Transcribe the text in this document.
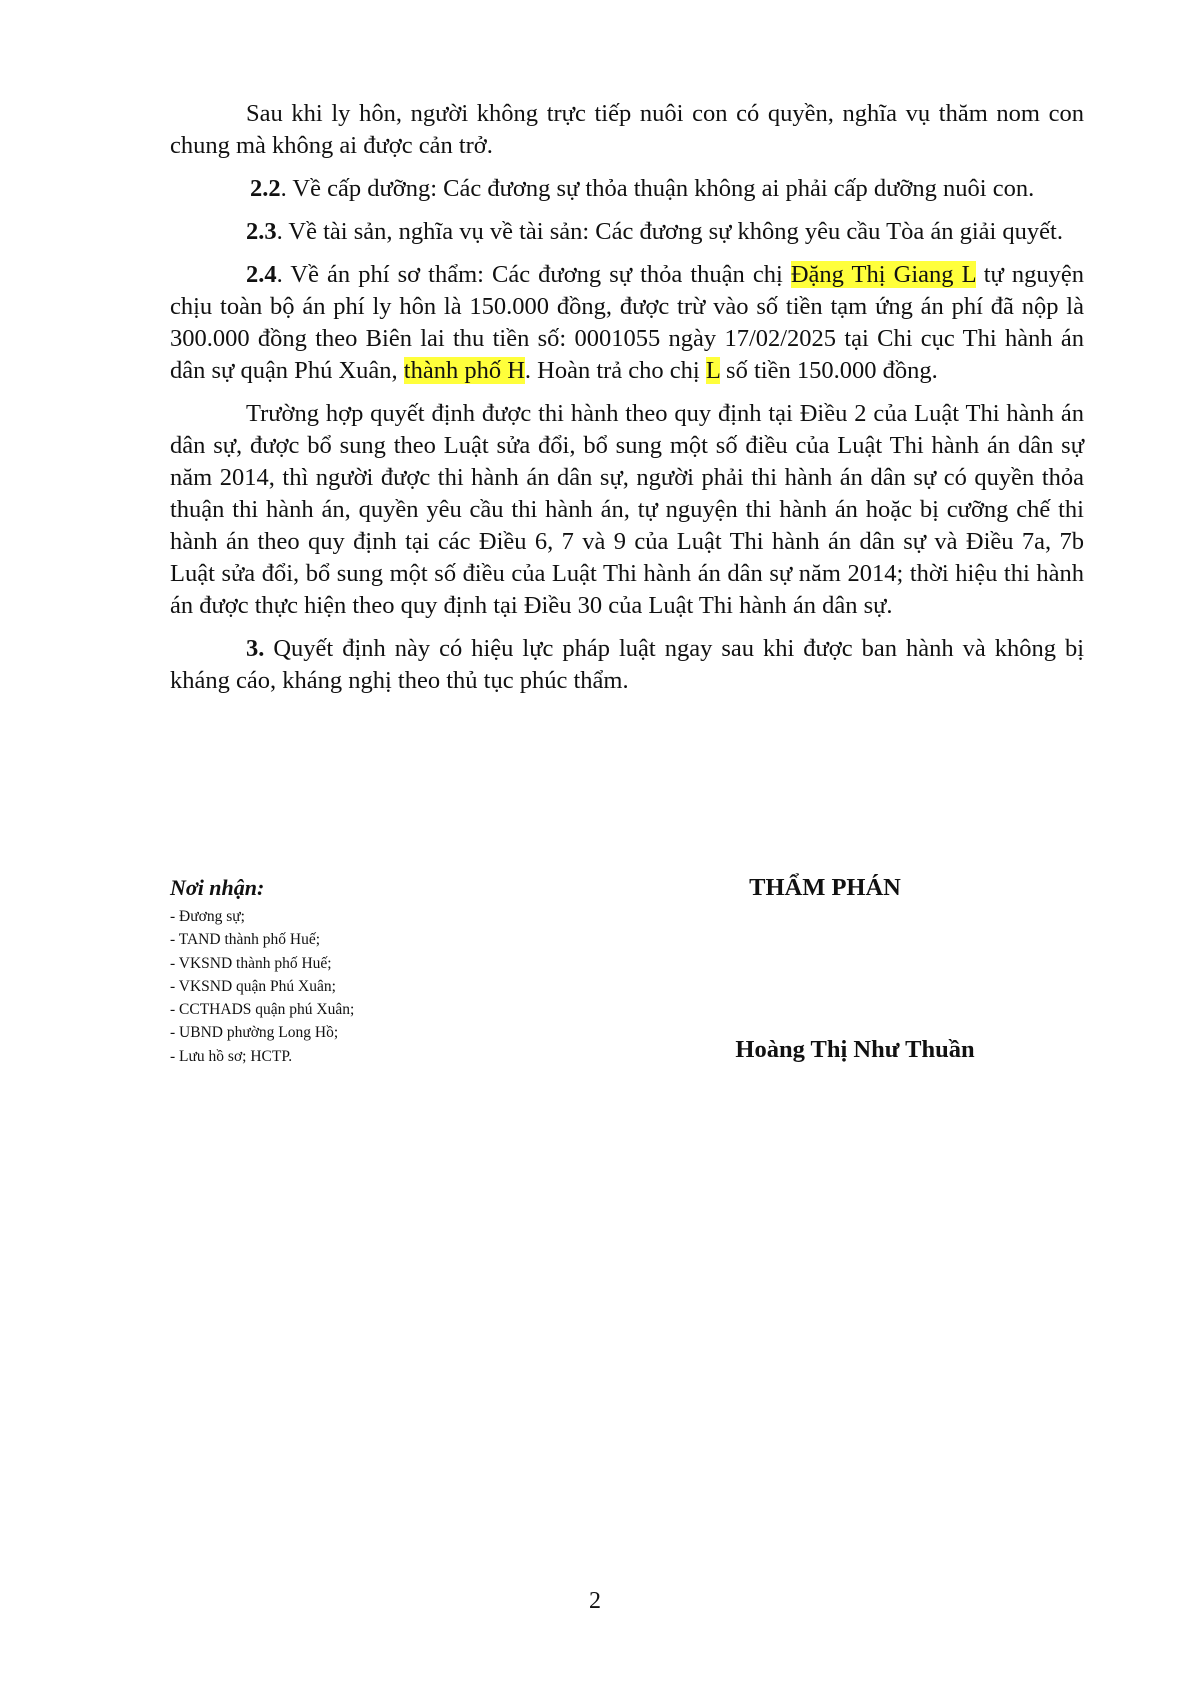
Sau khi ly hôn, người không trực tiếp nuôi con có quyền, nghĩa vụ thăm nom con chung mà không ai được cản trở.

2.2. Về cấp dưỡng: Các đương sự thỏa thuận không ai phải cấp dưỡng nuôi con.

2.3. Về tài sản, nghĩa vụ về tài sản: Các đương sự không yêu cầu Tòa án giải quyết.

2.4. Về án phí sơ thẩm: Các đương sự thỏa thuận chị Đặng Thị Giang L tự nguyện chịu toàn bộ án phí ly hôn là 150.000 đồng, được trừ vào số tiền tạm ứng án phí đã nộp là 300.000 đồng theo Biên lai thu tiền số: 0001055 ngày 17/02/2025 tại Chi cục Thi hành án dân sự quận Phú Xuân, thành phố H. Hoàn trả cho chị L số tiền 150.000 đồng.

Trường hợp quyết định được thi hành theo quy định tại Điều 2 của Luật Thi hành án dân sự, được bổ sung theo Luật sửa đổi, bổ sung một số điều của Luật Thi hành án dân sự năm 2014, thì người được thi hành án dân sự, người phải thi hành án dân sự có quyền thỏa thuận thi hành án, quyền yêu cầu thi hành án, tự nguyện thi hành án hoặc bị cưỡng chế thi hành án theo quy định tại các Điều 6, 7 và 9 của Luật Thi hành án dân sự và Điều 7a, 7b Luật sửa đổi, bổ sung một số điều của Luật Thi hành án dân sự năm 2014; thời hiệu thi hành án được thực hiện theo quy định tại Điều 30 của Luật Thi hành án dân sự.

3. Quyết định này có hiệu lực pháp luật ngay sau khi được ban hành và không bị kháng cáo, kháng nghị theo thủ tục phúc thẩm.

Nơi nhận:
- Đương sự;
- TAND thành phố Huế;
- VKSND thành phố Huế;
- VKSND quận Phú Xuân;
- CCTHADS quận phú Xuân;
- UBND phường Long Hồ;
- Lưu hồ sơ; HCTP.
THẨM PHÁN
Hoàng Thị Như Thuần
2
